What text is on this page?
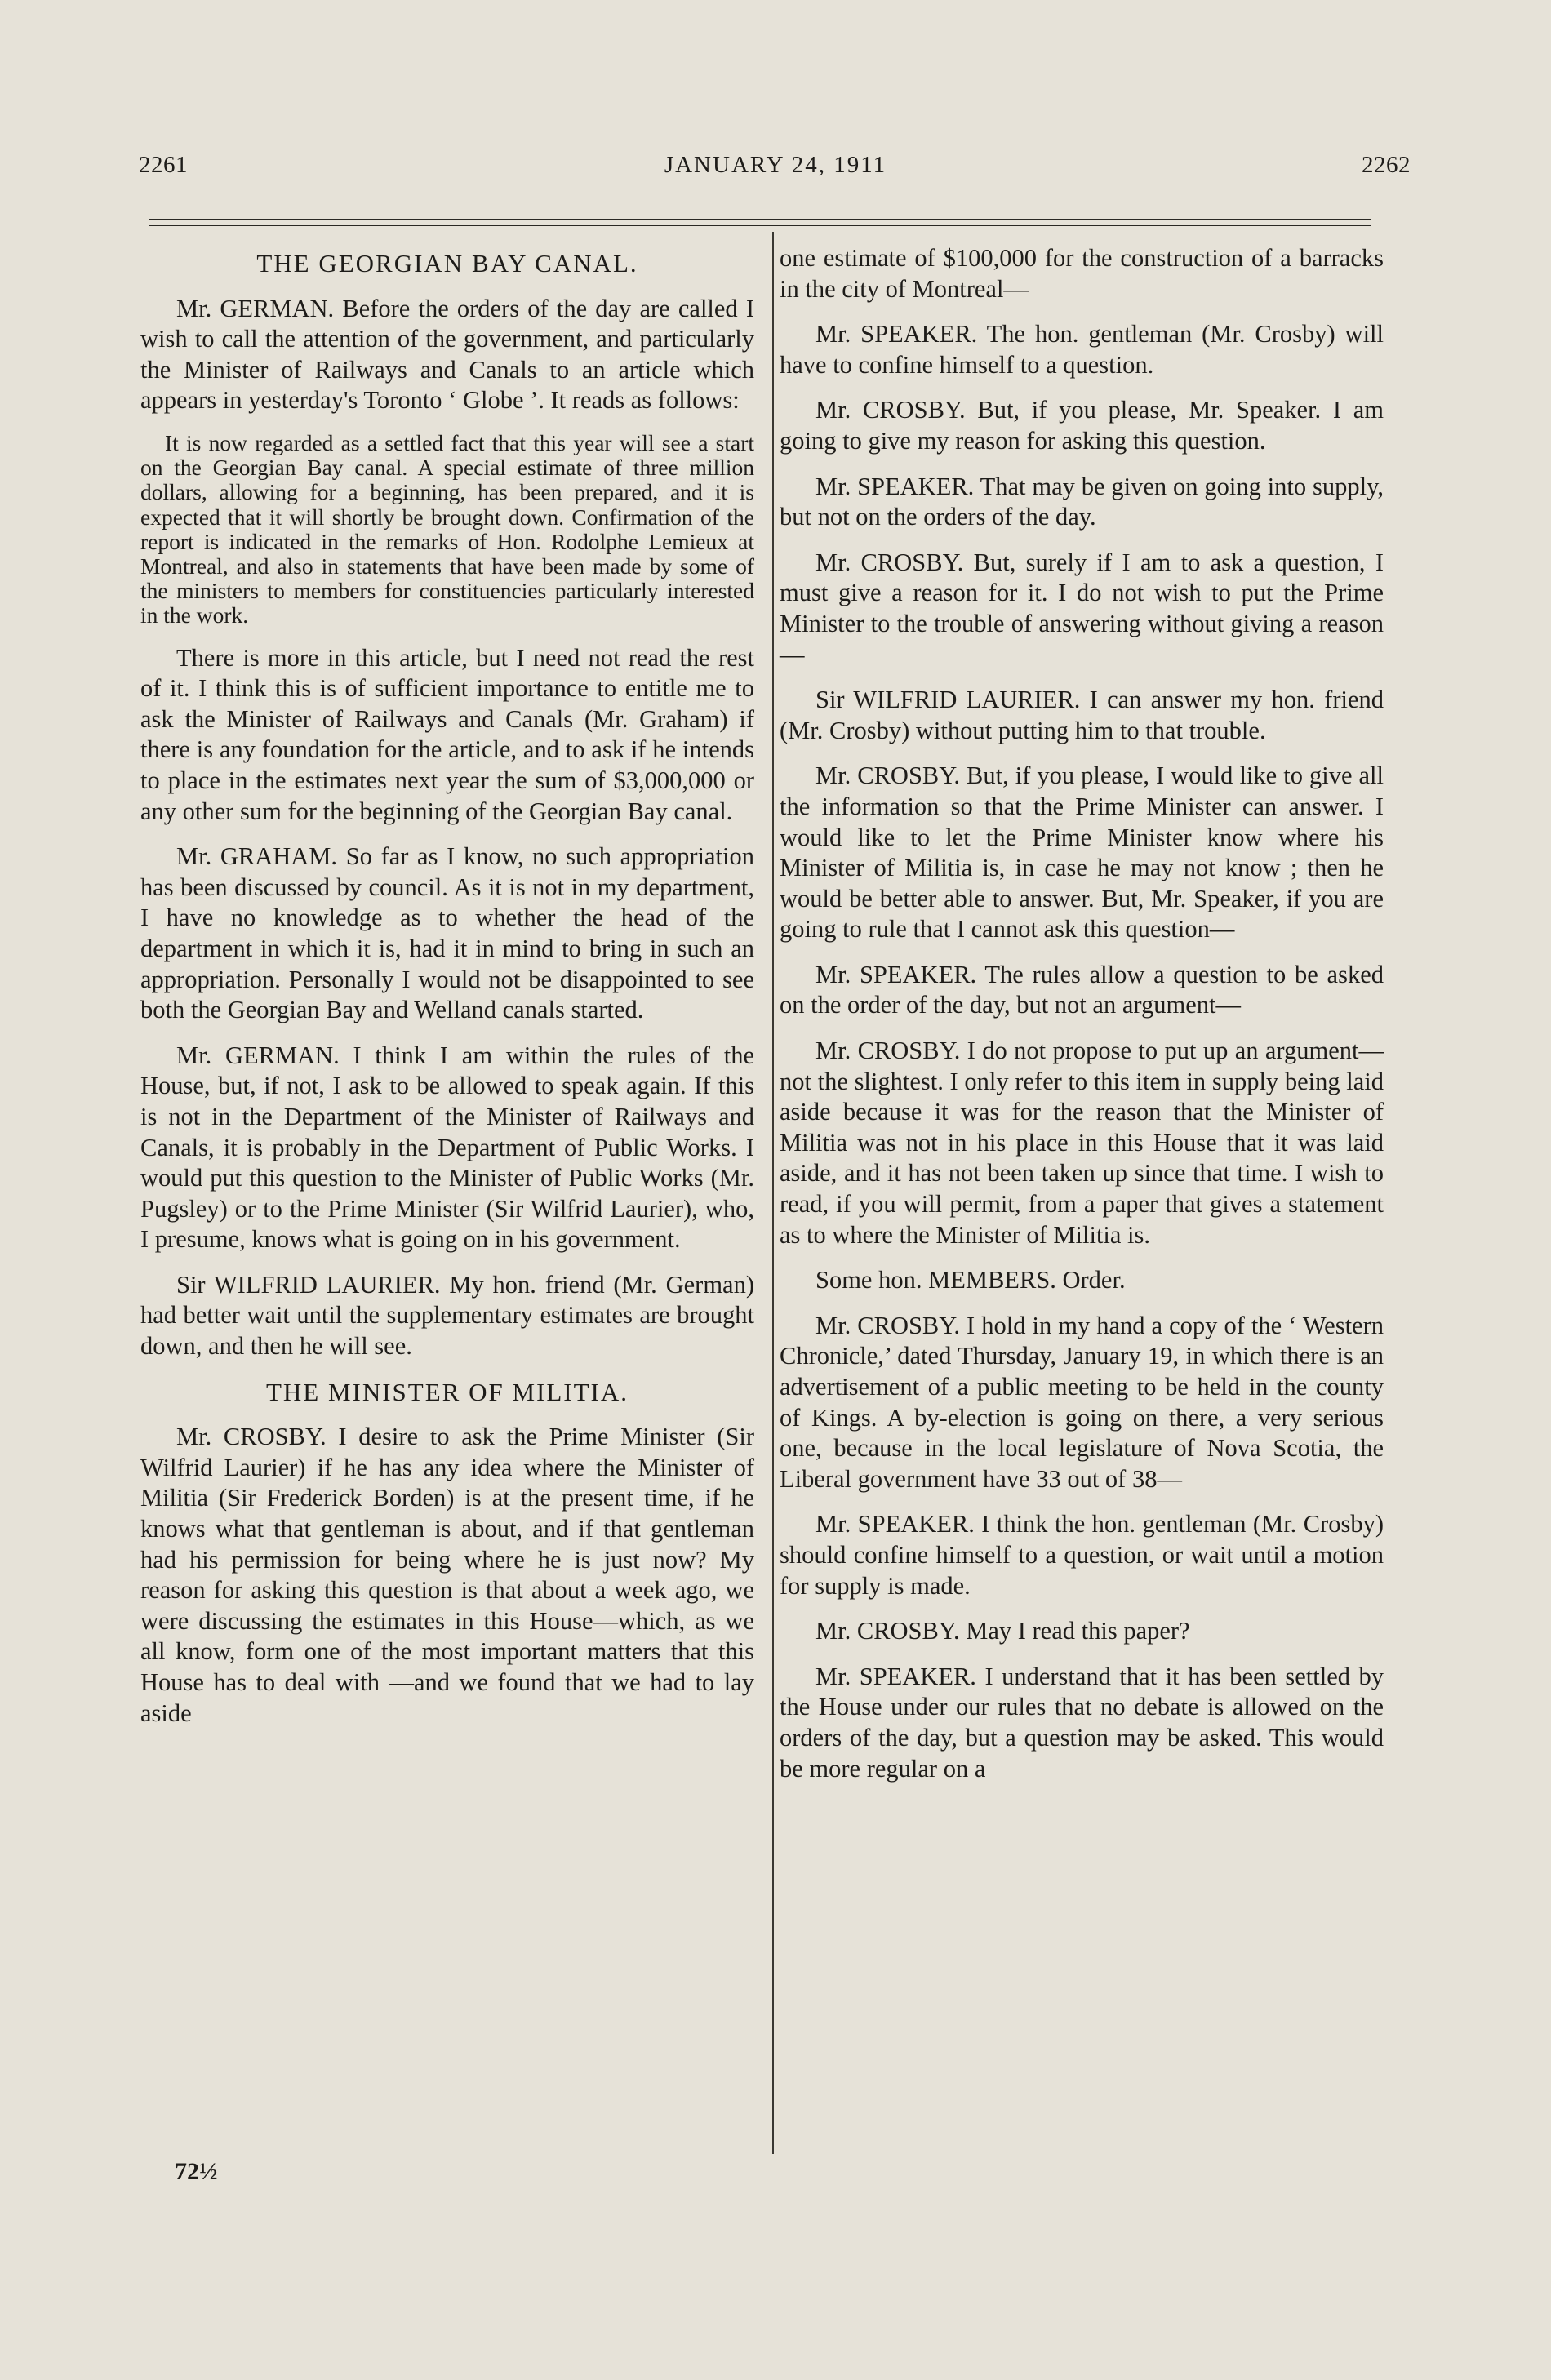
JANUARY 24, 1911
2261	2262
THE GEORGIAN BAY CANAL.

Mr. GERMAN. Before the orders of the day are called I wish to call the attention of the government, and particularly the Minister of Railways and Canals to an article which appears in yesterday's Toronto ‘ Globe ’. It reads as follows:

It is now regarded as a settled fact that this year will see a start on the Georgian Bay canal. A special estimate of three million dollars, allowing for a beginning, has been prepared, and it is expected that it will shortly be brought down. Confirmation of the report is indicated in the remarks of Hon. Rodolphe Lemieux at Montreal, and also in statements that have been made by some of the ministers to members for constituencies particularly interested in the work.

There is more in this article, but I need not read the rest of it. I think this is of sufficient importance to entitle me to ask the Minister of Railways and Canals (Mr. Graham) if there is any foundation for the article, and to ask if he intends to place in the estimates next year the sum of $3,000,000 or any other sum for the beginning of the Georgian Bay canal.

Mr. GRAHAM. So far as I know, no such appropriation has been discussed by council. As it is not in my department, I have no knowledge as to whether the head of the department in which it is, had it in mind to bring in such an appropriation. Personally I would not be disappointed to see both the Georgian Bay and Welland canals started.

Mr. GERMAN. I think I am within the rules of the House, but, if not, I ask to be allowed to speak again. If this is not in the Department of the Minister of Railways and Canals, it is probably in the Department of Public Works. I would put this question to the Minister of Public Works (Mr. Pugsley) or to the Prime Minister (Sir Wilfrid Laurier), who, I presume, knows what is going on in his government.

Sir WILFRID LAURIER. My hon. friend (Mr. German) had better wait until the supplementary estimates are brought down, and then he will see.

THE MINISTER OF MILITIA.

Mr. CROSBY. I desire to ask the Prime Minister (Sir Wilfrid Laurier) if he has any idea where the Minister of Militia (Sir Frederick Borden) is at the present time, if he knows what that gentleman is about, and if that gentleman had his permission for being where he is just now? My reason for asking this question is that about a week ago, we were discussing the estimates in this House—which, as we all know, form one of the most important matters that this House has to deal with —and we found that we had to lay aside

one estimate of $100,000 for the construction of a barracks in the city of Montreal—

Mr. SPEAKER. The hon. gentleman (Mr. Crosby) will have to confine himself to a question.

Mr. CROSBY. But, if you please, Mr. Speaker. I am going to give my reason for asking this question.

Mr. SPEAKER. That may be given on going into supply, but not on the orders of the day.

Mr. CROSBY. But, surely if I am to ask a question, I must give a reason for it. I do not wish to put the Prime Minister to the trouble of answering without giving a reason—

Sir WILFRID LAURIER. I can answer my hon. friend (Mr. Crosby) without putting him to that trouble.

Mr. CROSBY. But, if you please, I would like to give all the information so that the Prime Minister can answer. I would like to let the Prime Minister know where his Minister of Militia is, in case he may not know ; then he would be better able to answer. But, Mr. Speaker, if you are going to rule that I cannot ask this question—

Mr. SPEAKER. The rules allow a question to be asked on the order of the day, but not an argument—

Mr. CROSBY. I do not propose to put up an argument—not the slightest. I only refer to this item in supply being laid aside because it was for the reason that the Minister of Militia was not in his place in this House that it was laid aside, and it has not been taken up since that time. I wish to read, if you will permit, from a paper that gives a statement as to where the Minister of Militia is.

Some hon. MEMBERS. Order.

Mr. CROSBY. I hold in my hand a copy of the ‘ Western Chronicle,’ dated Thursday, January 19, in which there is an advertisement of a public meeting to be held in the county of Kings. A by-election is going on there, a very serious one, because in the local legislature of Nova Scotia, the Liberal government have 33 out of 38—

Mr. SPEAKER. I think the hon. gentleman (Mr. Crosby) should confine himself to a question, or wait until a motion for supply is made.

Mr. CROSBY. May I read this paper?

Mr. SPEAKER. I understand that it has been settled by the House under our rules that no debate is allowed on the orders of the day, but a question may be asked. This would be more regular on a

72½
